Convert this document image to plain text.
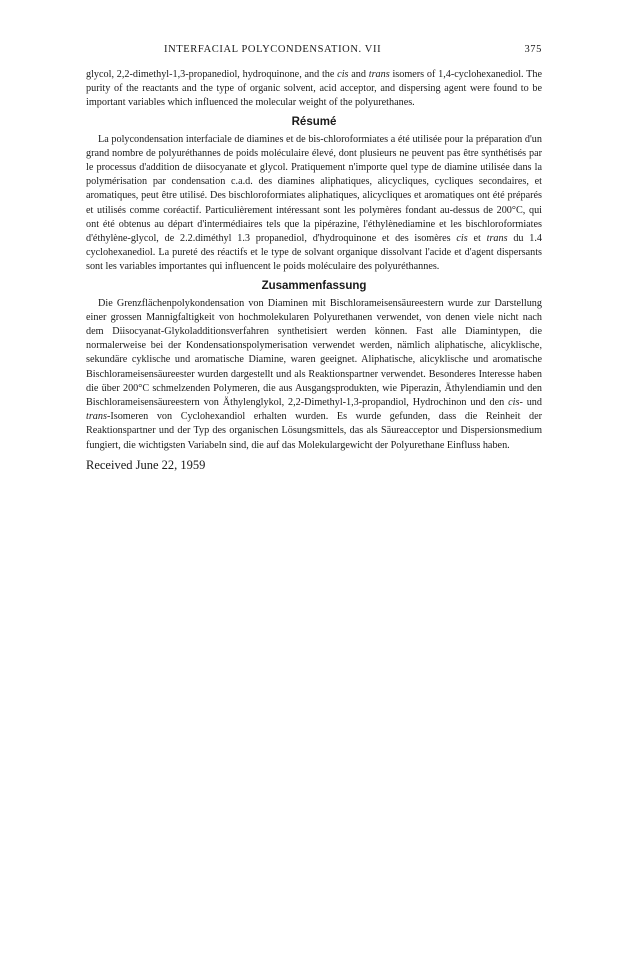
INTERFACIAL POLYCONDENSATION. VII	375

glycol, 2,2-dimethyl-1,3-propanediol, hydroquinone, and the cis and trans isomers of 1,4-cyclohexanediol. The purity of the reactants and the type of organic solvent, acid acceptor, and dispersing agent were found to be important variables which influenced the molecular weight of the polyurethanes.

Résumé

La polycondensation interfaciale de diamines et de bis-chloroformiates a été utilisée pour la préparation d'un grand nombre de polyuréthannes de poids moléculaire élevé, dont plusieurs ne peuvent pas être synthétisés par le processus d'addition de diisocyanate et glycol. Pratiquement n'importe quel type de diamine utilisée dans la polymérisation par condensation c.a.d. des diamines aliphatiques, alicycliques, cycliques secondaires, et aromatiques, peut être utilisé. Des bischloroformiates aliphatiques, alicycliques et aromatiques ont été préparés et utilisés comme coréactif. Particulièrement intéressant sont les polymères fondant au-dessus de 200°C, qui ont été obtenus au départ d'intermédiaires tels que la pipérazine, l'éthylènediamine et les bischloroformiates d'éthylène-glycol, de 2.2.diméthyl 1.3 propanediol, d'hydroquinone et des isomères cis et trans du 1.4 cyclohexanediol. La pureté des réactifs et le type de solvant organique dissolvant l'acide et d'agent dispersants sont les variables importantes qui influencent le poids moléculaire des polyuréthannes.

Zusammenfassung

Die Grenzflächenpolykondensation von Diaminen mit Bischlorameisensäureestern wurde zur Darstellung einer grossen Mannigfaltigkeit von hochmolekularen Polyurethanen verwendet, von denen viele nicht nach dem Diisocyanat-Glykoladditionsverfahren synthetisiert werden können. Fast alle Diamintypen, die normalerweise bei der Kondensationspolymerisation verwendet werden, nämlich aliphatische, alicyklische, sekundäre cyklische und aromatische Diamine, waren geeignet. Aliphatische, alicyklische und aromatische Bischlorameisensäureester wurden dargestellt und als Reaktionspartner verwendet. Besonderes Interesse haben die über 200°C schmelzenden Polymeren, die aus Ausgangsprodukten, wie Piperazin, Äthylendiamin und den Bischlorameisensäureestern von Äthylenglykol, 2,2-Dimethyl-1,3-propandiol, Hydrochinon und den cis- und trans-Isomeren von Cyclohexandiol erhalten wurden. Es wurde gefunden, dass die Reinheit der Reaktionspartner und der Typ des organischen Lösungsmittels, das als Säureacceptor und Dispersionsmedium fungiert, die wichtigsten Variabeln sind, die auf das Molekulargewicht der Polyurethane Einfluss haben.

Received June 22, 1959
